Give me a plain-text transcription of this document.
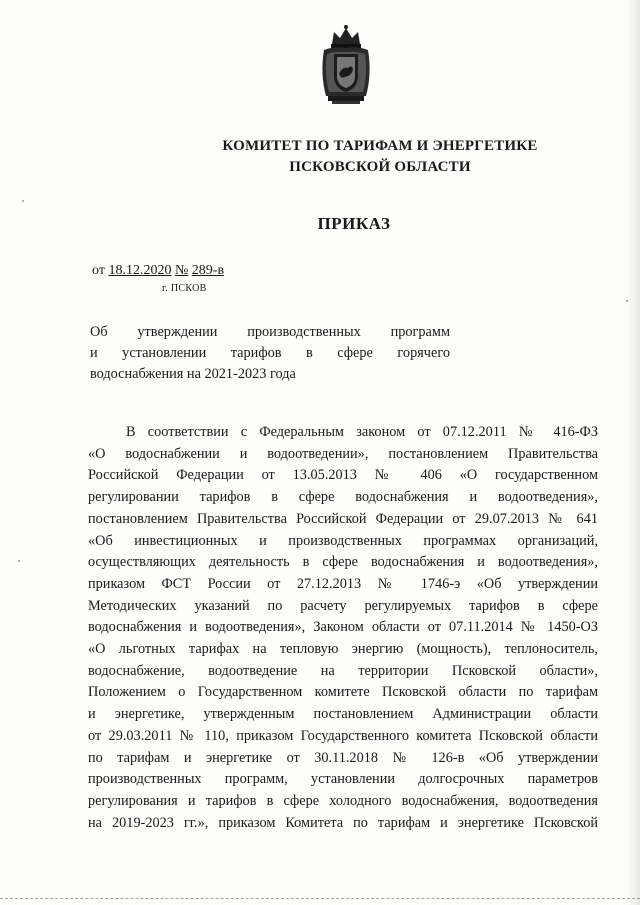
КОМИТЕТ ПО ТАРИФАМ И ЭНЕРГЕТИКЕ
ПСКОВСКОЙ ОБЛАСТИ
ПРИКАЗ
от 18.12.2020 № 289-в
г. ПСКОВ
Об утверждении производственных программ
и установлении тарифов в сфере горячего
водоснабжения на 2021-2023 года
В соответствии с Федеральным законом от 07.12.2011 № 416-ФЗ
«О водоснабжении и водоотведении», постановлением Правительства
Российской Федерации от 13.05.2013 № 406 «О государственном
регулировании тарифов в сфере водоснабжения и водоотведения»,
постановлением Правительства Российской Федерации от 29.07.2013 № 641
«Об инвестиционных и производственных программах организаций,
осуществляющих деятельность в сфере водоснабжения и водоотведения»,
приказом ФСТ России от 27.12.2013 № 1746-э «Об утверждении
Методических указаний по расчету регулируемых тарифов в сфере
водоснабжения и водоотведения», Законом области от 07.11.2014 № 1450-ОЗ
«О льготных тарифах на тепловую энергию (мощность), теплоноситель,
водоснабжение, водоотведение на территории Псковской области»,
Положением о Государственном комитете Псковской области по тарифам
и энергетике, утвержденным постановлением Администрации области
от 29.03.2011 № 110, приказом Государственного комитета Псковской области
по тарифам и энергетике от 30.11.2018 № 126-в «Об утверждении
производственных программ, установлении долгосрочных параметров
регулирования и тарифов в сфере холодного водоснабжения, водоотведения
на 2019-2023 гг.», приказом Комитета по тарифам и энергетике Псковской
